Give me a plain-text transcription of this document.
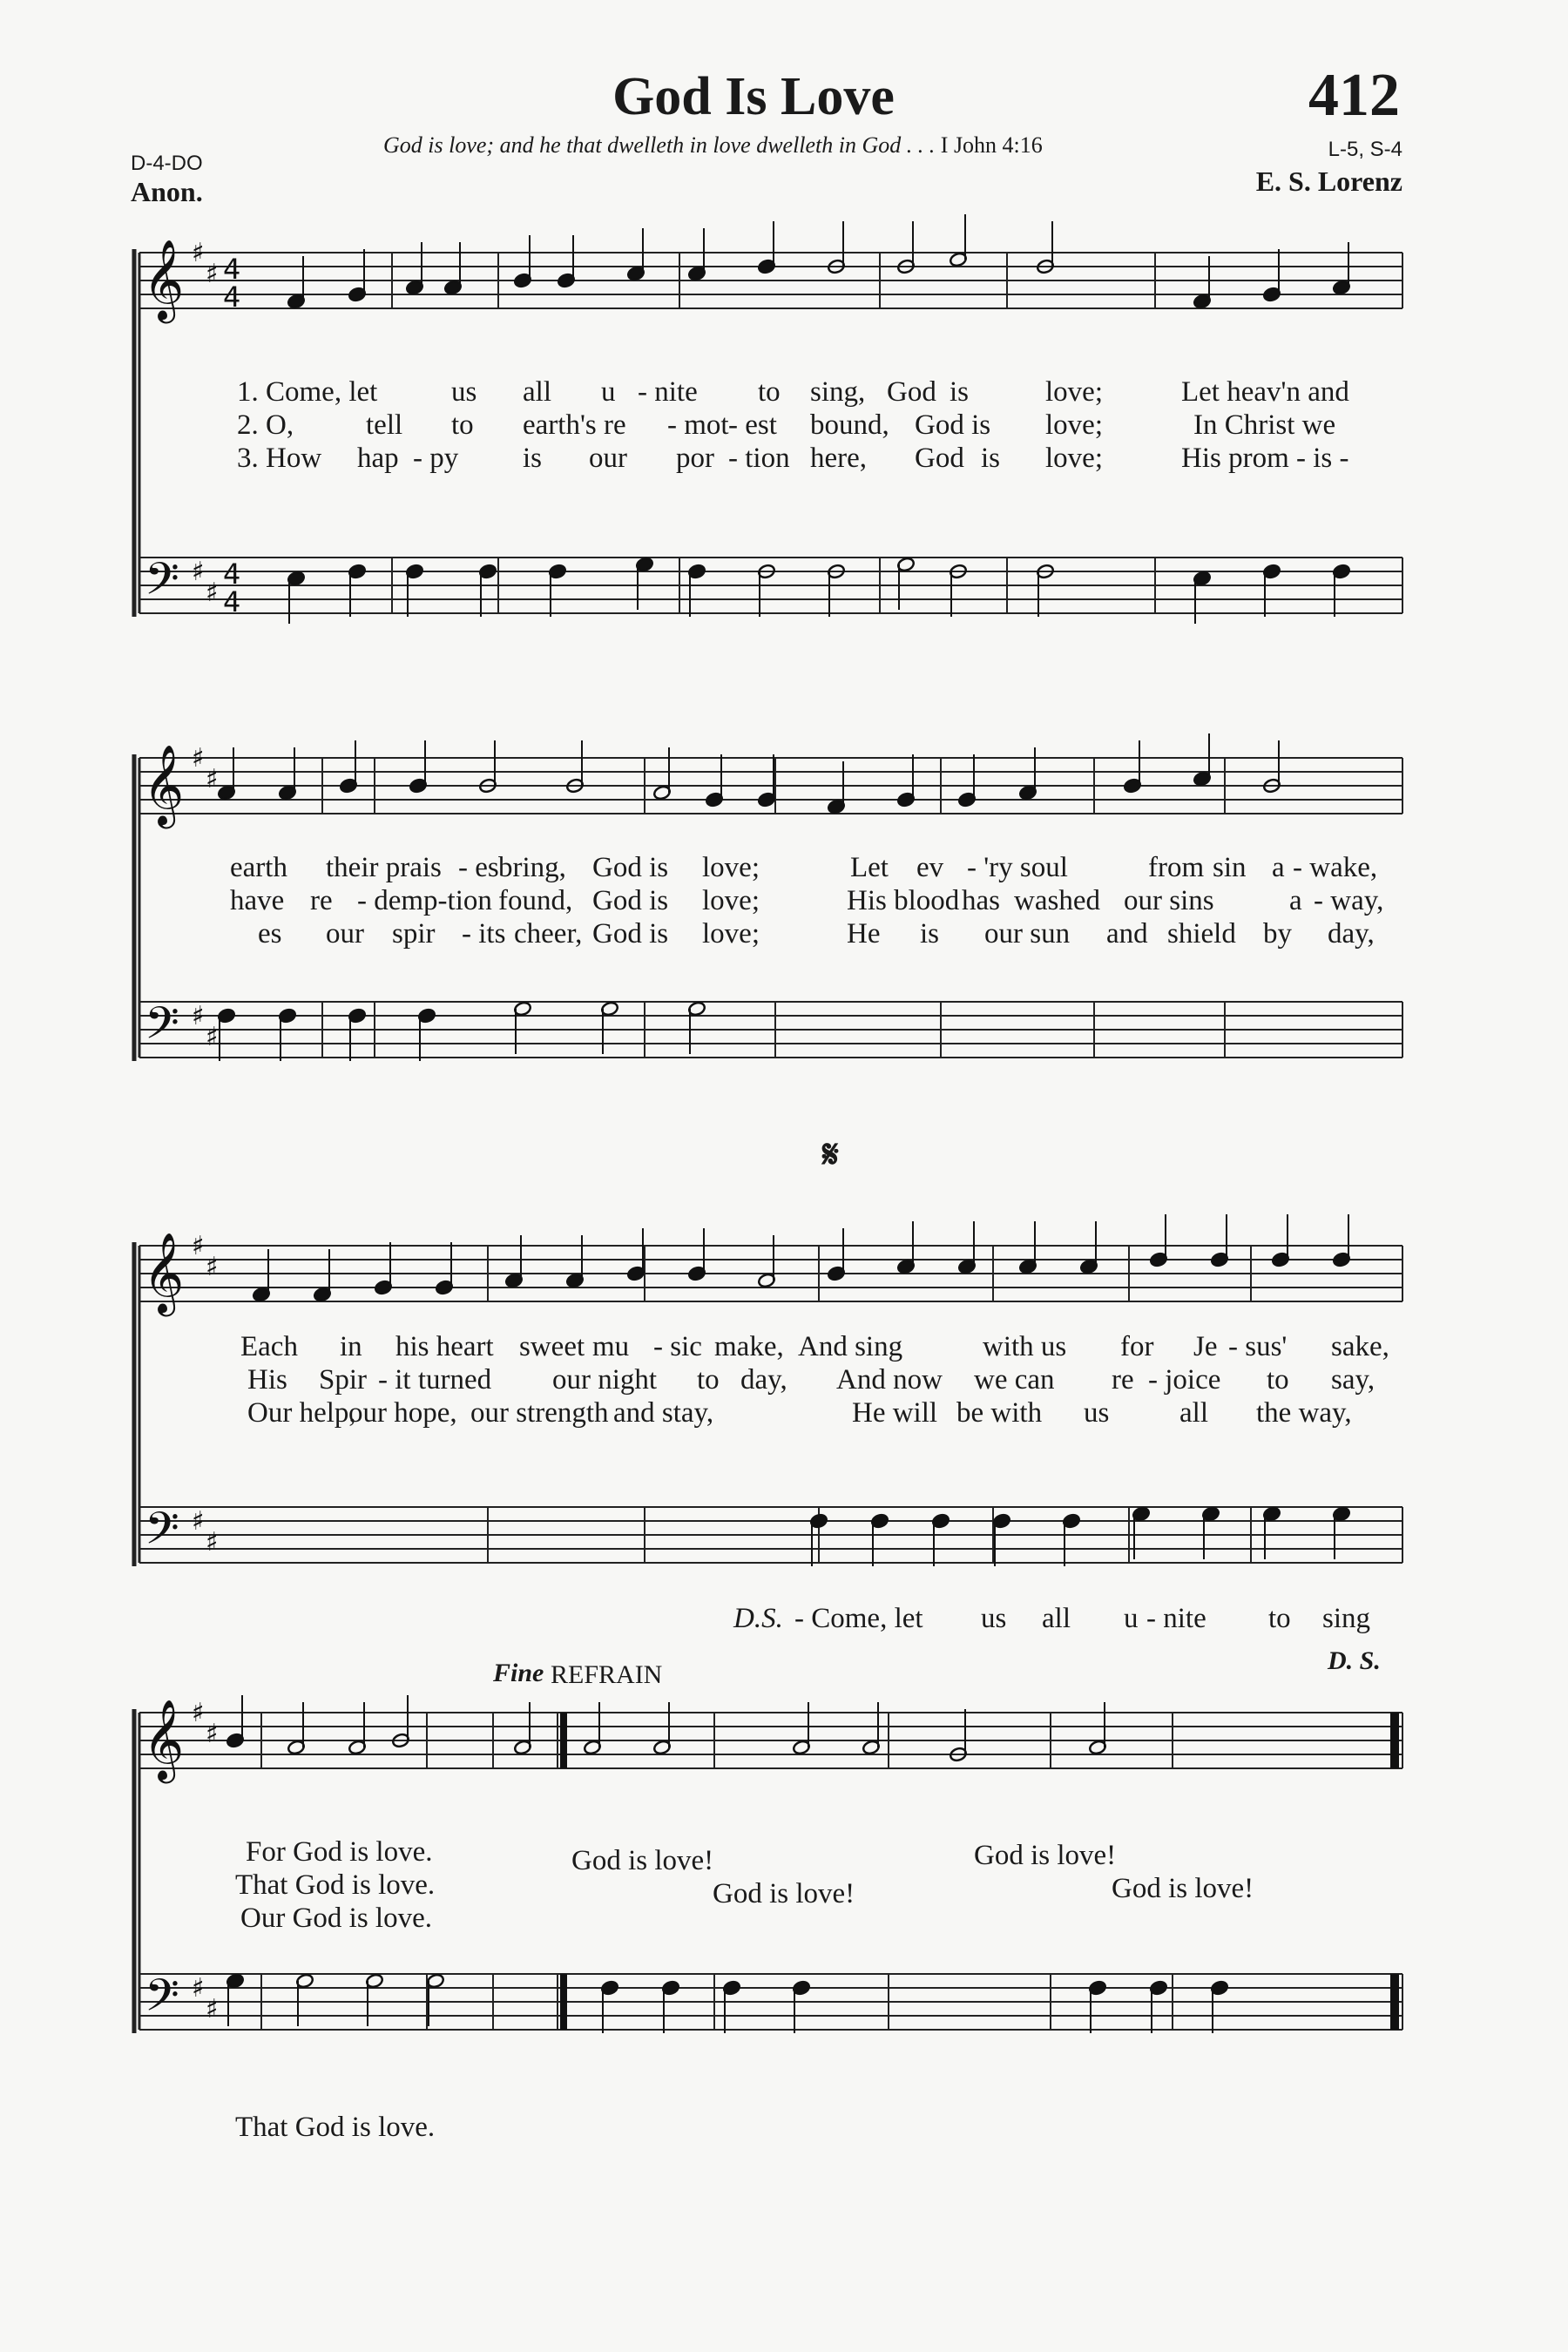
God Is Love	412
God is love; and he that dwelleth in love dwelleth in God . . . I John 4:16
D-4-DO
L-5, S-4
Anon.	E. S. Lorenz
𝄞
𝄢
♯
♯
♯
♯
4
4
4
4
𝄞
𝄢
♯
♯
♯
♯
𝄞
𝄢
♯
♯
♯
♯
𝄞
𝄢
♯
♯
♯
♯
1. Come, let	us all u - nite to sing, God is	love;	Let heav'n and
2. O,	tell to earth's re - mot - est bound, God is love;	In Christ we
3. How hap - py is our por - tion here, God is love;	His prom - is -
earth their prais - es bring, God is love;	Let ev - 'ry soul	from sin a - wake,
have re - demp-tion found, God is love;	His blood has washed our sins	a - way,
es our spir - its cheer, God is love;	He is our sun and shield by day,
Each in his heart sweet mu - sic make, And sing	with us for Je - sus' sake,
His Spir - it turned our night to day, And now we can re - joice to say,
Our help,
our hope, our strength and stay,	He will be with us all the way,
D.S. - Come, let us all u - nite to sing
𝄋
Fine REFRAIN	D. S.
For God is love.
That God is love.
Our God is love.
God is love!	God is love!
God is love!	God is love!
That God is love.
